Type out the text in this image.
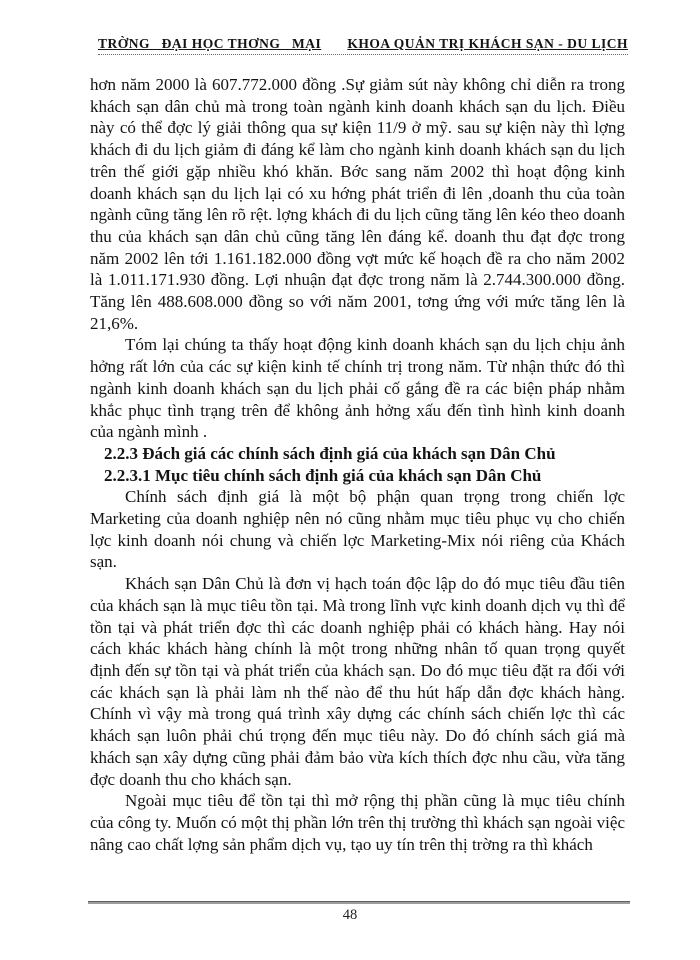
TRỜNG   ĐẠI HỌC THƠNG   MẠI KHOA QUẢN TRỊ KHÁCH SẠN - DU LỊCH
hơn năm 2000 là 607.772.000 đồng .Sự giảm sút này không chỉ diễn ra trong khách sạn dân chủ mà trong toàn ngành kinh doanh khách sạn du lịch. Điều này có thể đợc lý giải thông qua sự kiện 11/9 ở mỹ. sau sự kiện này thì lợng khách đi du lịch giảm đi đáng kể làm cho ngành kinh doanh khách sạn du lịch trên thế giới gặp nhiều khó khăn. Bớc sang năm 2002 thì hoạt động kinh doanh khách sạn du lịch lại có xu hớng phát triển đi lên ,doanh thu của toàn ngành cũng tăng lên rõ rệt. lợng khách đi du lịch cũng tăng lên kéo theo doanh thu của khách sạn dân chủ cũng tăng lên đáng kể. doanh thu đạt đợc trong năm 2002 lên tới 1.161.182.000 đồng vợt mức kế hoạch đề ra cho năm 2002 là 1.011.171.930 đồng. Lợi nhuận đạt đợc trong năm là 2.744.300.000 đồng. Tăng lên 488.608.000 đồng so với năm 2001, tơng ứng với mức tăng lên là 21,6%.
Tóm lại chúng ta thấy hoạt động kinh doanh khách sạn du lịch chịu ảnh hởng rất lớn của các sự kiện kinh tế chính trị trong năm. Từ nhận thức đó thì ngành kinh doanh khách sạn du lịch phải cố gắng đề ra các biện pháp nhằm khắc phục tình trạng trên để không ảnh hởng xấu đến tình hình kinh doanh của ngành mình .
2.2.3 Đách giá các chính sách định giá của khách sạn Dân Chủ
2.2.3.1 Mục tiêu chính sách định giá của khách sạn Dân Chủ
Chính sách định giá là một bộ phận quan trọng trong chiến lợc Marketing của doanh nghiệp nên nó cũng nhằm mục tiêu phục vụ cho chiến lợc kinh doanh nói chung và chiến lợc Marketing-Mix nói riêng của Khách sạn.
Khách sạn Dân Chủ là đơn vị hạch toán độc lập do đó mục tiêu đầu tiên của khách sạn là mục tiêu tồn tại. Mà trong lĩnh vực kinh doanh dịch vụ thì để tồn tại và phát triển đợc thì các doanh nghiệp phải có khách hàng. Hay nói cách khác khách hàng chính là một trong những nhân tố quan trọng quyết định đến sự tồn tại và phát triển của khách sạn. Do đó mục tiêu đặt ra đối với các khách sạn là phải làm nh thế nào để thu hút hấp dẫn đợc khách hàng. Chính vì vậy mà trong quá trình xây dựng các chính sách chiến lợc thì các khách sạn luôn phải chú trọng đến mục tiêu này. Do đó chính sách giá mà khách sạn xây dựng cũng phải đảm bảo vừa kích thích đợc nhu cầu, vừa tăng đợc doanh thu cho khách sạn.
Ngoài mục tiêu để tồn tại thì mở rộng thị phần cũng là mục tiêu chính của công ty. Muốn có một thị phần lớn trên thị trường thì khách sạn ngoài việc nâng cao chất lợng sản phẩm dịch vụ, tạo uy tín trên thị trờng ra thì khách
48
